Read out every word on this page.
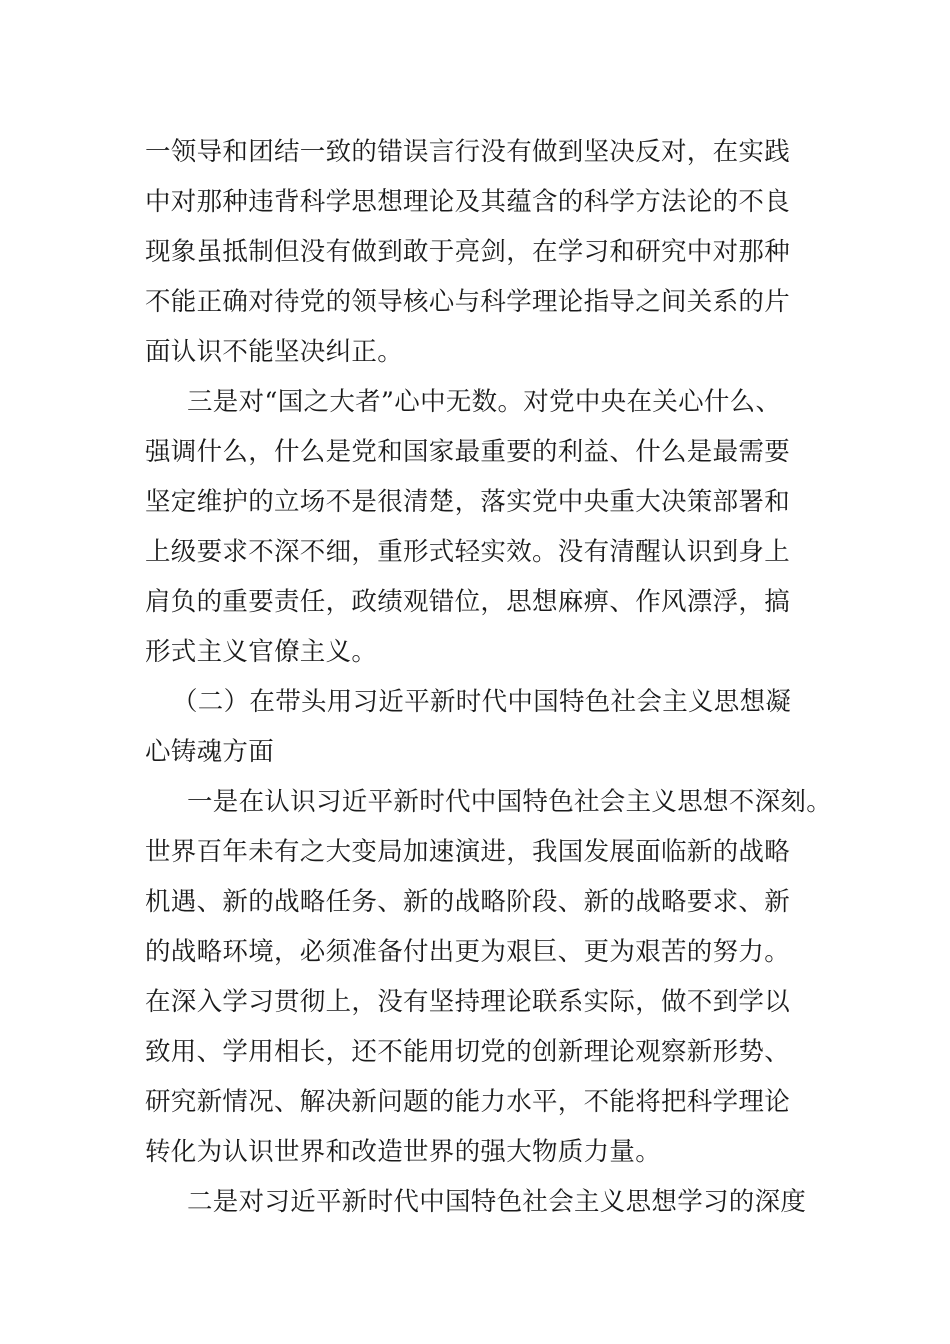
一领导和团结一致的错误言行没有做到坚决反对，在实践
中对那种违背科学思想理论及其蕴含的科学方法论的不良
现象虽抵制但没有做到敢于亮剑，在学习和研究中对那种
不能正确对待党的领导核心与科学理论指导之间关系的片
面认识不能坚决纠正。
三是对“国之大者”心中无数。对党中央在关心什么、
强调什么，什么是党和国家最重要的利益、什么是最需要
坚定维护的立场不是很清楚，落实党中央重大决策部署和
上级要求不深不细，重形式轻实效。没有清醒认识到身上
肩负的重要责任，政绩观错位，思想麻痹、作风漂浮，搞
形式主义官僚主义。
（二）在带头用习近平新时代中国特色社会主义思想凝
心铸魂方面
一是在认识习近平新时代中国特色社会主义思想不深刻。
世界百年未有之大变局加速演进，我国发展面临新的战略
机遇、新的战略任务、新的战略阶段、新的战略要求、新
的战略环境，必须准备付出更为艰巨、更为艰苦的努力。
在深入学习贯彻上，没有坚持理论联系实际，做不到学以
致用、学用相长，还不能用切党的创新理论观察新形势、
研究新情况、解决新问题的能力水平，不能将把科学理论
转化为认识世界和改造世界的强大物质力量。
二是对习近平新时代中国特色社会主义思想学习的深度
